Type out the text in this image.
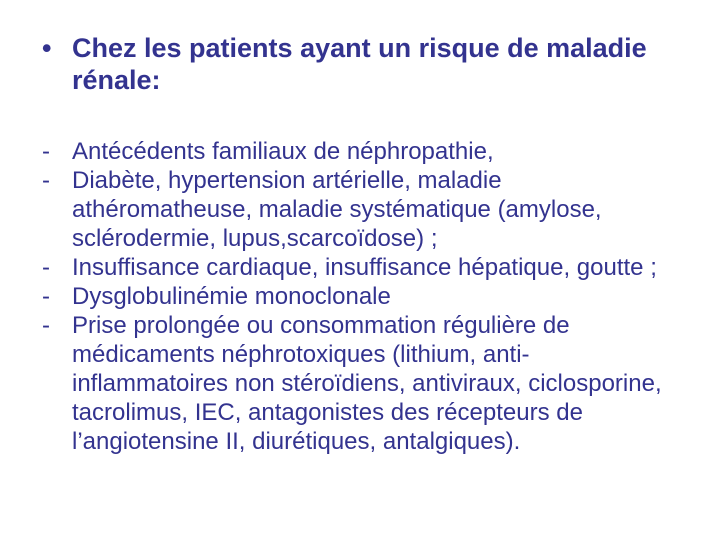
• Chez les patients ayant un risque de maladie rénale:
- Antécédents familiaux de néphropathie,
- Diabète, hypertension artérielle, maladie athéromatheuse, maladie systématique (amylose, sclérodermie, lupus,scarcoïdose) ;
- Insuffisance cardiaque, insuffisance hépatique, goutte ;
- Dysglobulinémie monoclonale
- Prise prolongée ou consommation régulière de médicaments néphrotoxiques (lithium, anti-inflammatoires non stéroïdiens, antiviraux, ciclosporine, tacrolimus, IEC, antagonistes des récepteurs de l’angiotensine II, diurétiques, antalgiques).
